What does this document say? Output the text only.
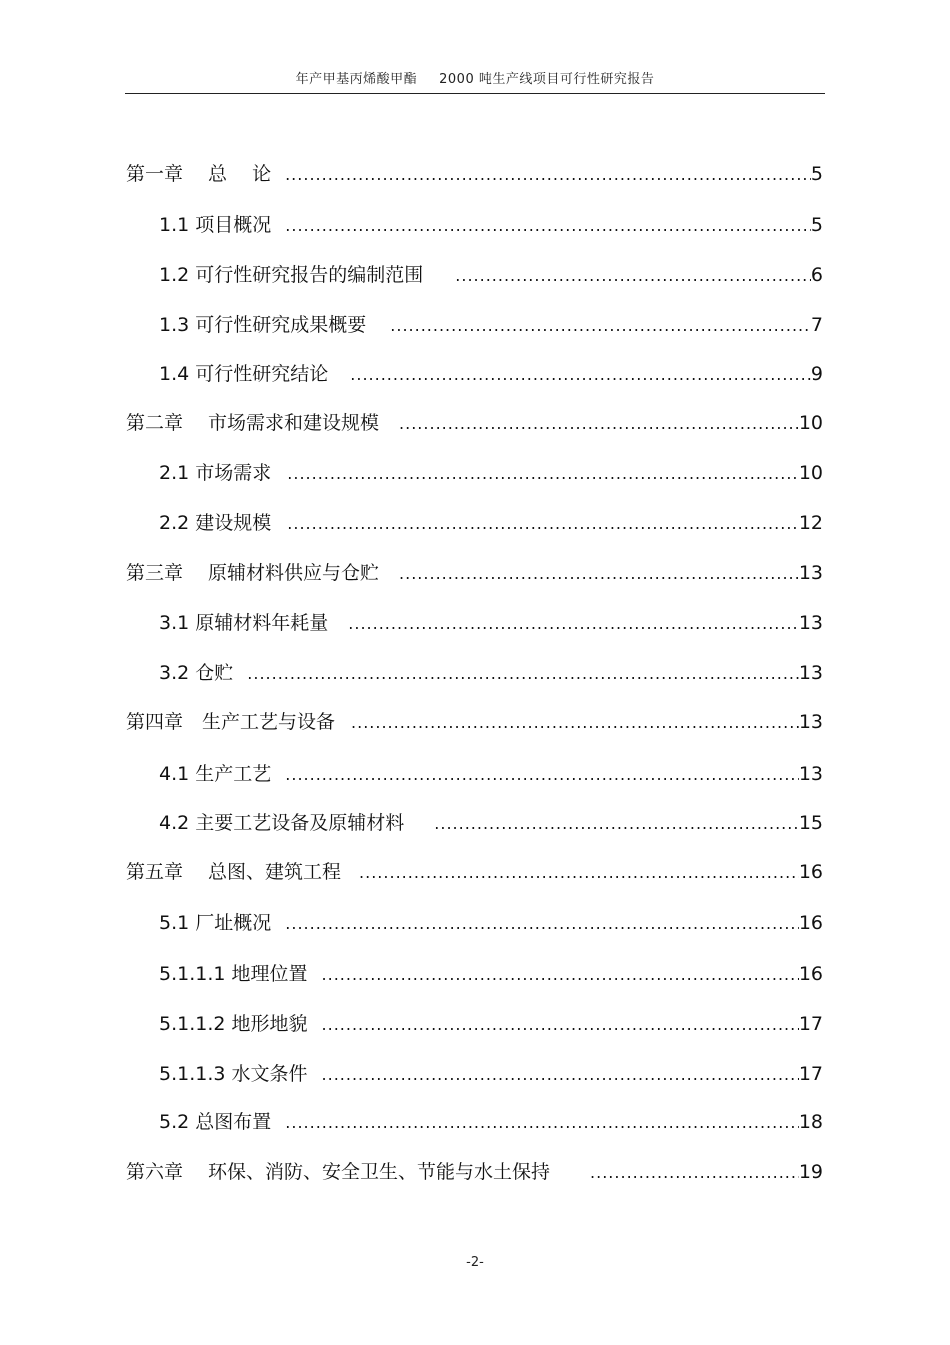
年产甲基丙烯酸甲酯 2000 吨生产线项目可行性研究报告
第一章　 总　 论 .....	5
1.1 项目概况 .....	5
1.2 可行性研究报告的编制范围 .....	6
1.3 可行性研究成果概要 .....	7
1.4 可行性研究结论 .....	9
第二章　 市场需求和建设规模 .....	10
2.1 市场需求 .....	10
2.2 建设规模 .....	12
第三章　 原辅材料供应与仓贮 .....	13
3.1 原辅材料年耗量 .....	13
3.2 仓贮 .....	13
第四章　生产工艺与设备 .....	13
4.1 生产工艺 .....	13
4.2 主要工艺设备及原辅材料 .....	15
第五章　 总图、建筑工程 .....	16
5.1 厂址概况 .....	16
5.1.1.1 地理位置 .....	16
5.1.1.2 地形地貌 .....	17
5.1.1.3 水文条件 .....	17
5.2 总图布置 .....	18
第六章　 环保、消防、安全卫生、节能与水土保持 .....	19
-2-
